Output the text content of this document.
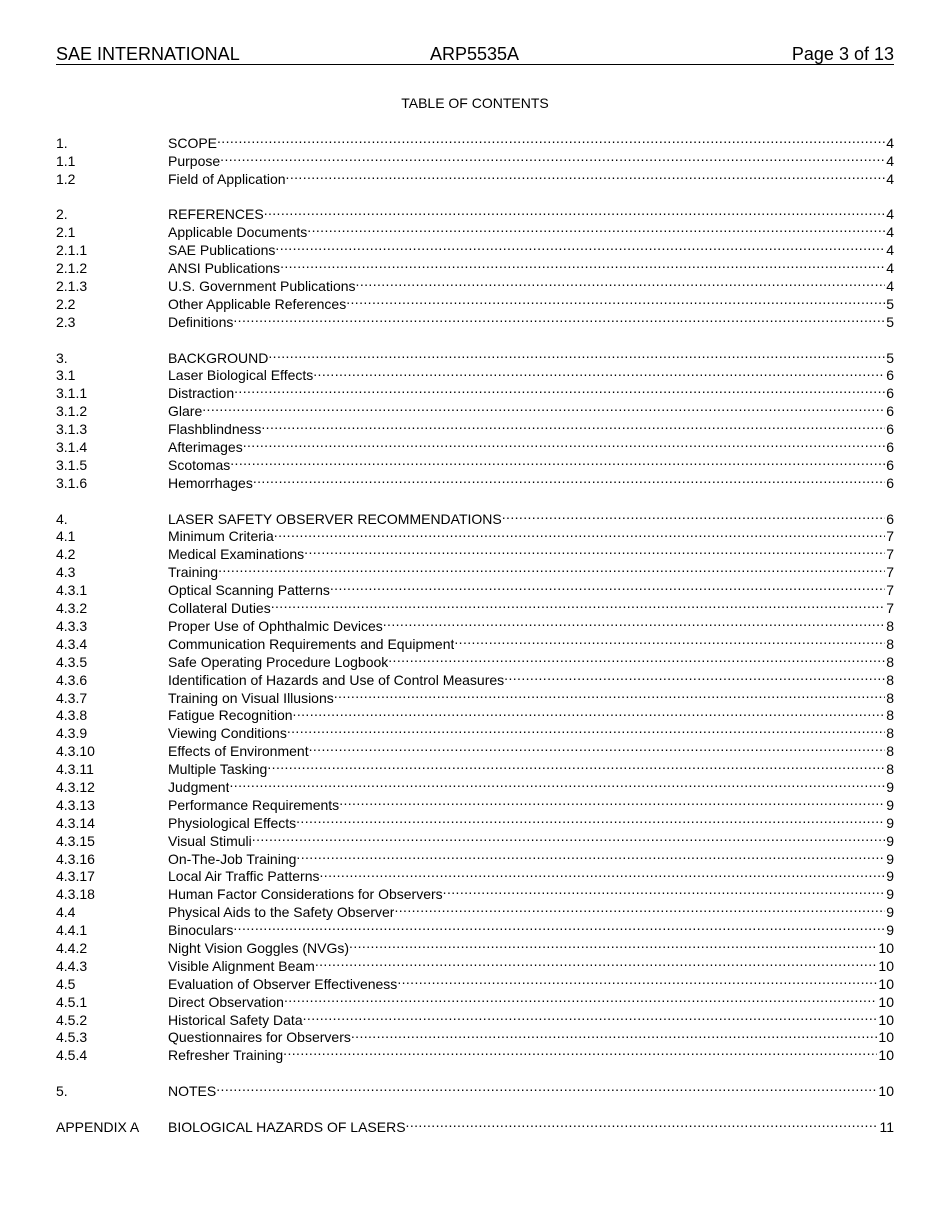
SAE INTERNATIONAL	ARP5535A	Page 3 of 13
TABLE OF CONTENTS
1.	SCOPE .....	4
1.1	Purpose .....	4
1.2	Field of Application .....	4
2.	REFERENCES .....	4
2.1	Applicable Documents .....	4
2.1.1	SAE Publications .....	4
2.1.2	ANSI Publications .....	4
2.1.3	U.S. Government Publications .....	4
2.2	Other Applicable References .....	5
2.3	Definitions .....	5
3.	BACKGROUND .....	5
3.1	Laser Biological Effects .....	6
3.1.1	Distraction .....	6
3.1.2	Glare .....	6
3.1.3	Flashblindness .....	6
3.1.4	Afterimages .....	6
3.1.5	Scotomas .....	6
3.1.6	Hemorrhages .....	6
4.	LASER SAFETY OBSERVER RECOMMENDATIONS .....	6
4.1	Minimum Criteria .....	7
4.2	Medical Examinations .....	7
4.3	Training .....	7
4.3.1	Optical Scanning Patterns .....	7
4.3.2	Collateral Duties .....	7
4.3.3	Proper Use of Ophthalmic Devices .....	8
4.3.4	Communication Requirements and Equipment .....	8
4.3.5	Safe Operating Procedure Logbook .....	8
4.3.6	Identification of Hazards and Use of Control Measures .....	8
4.3.7	Training on Visual Illusions .....	8
4.3.8	Fatigue Recognition .....	8
4.3.9	Viewing Conditions .....	8
4.3.10	Effects of Environment .....	8
4.3.11	Multiple Tasking .....	8
4.3.12	Judgment .....	9
4.3.13	Performance Requirements .....	9
4.3.14	Physiological Effects .....	9
4.3.15	Visual Stimuli .....	9
4.3.16	On-The-Job Training .....	9
4.3.17	Local Air Traffic Patterns .....	9
4.3.18	Human Factor Considerations for Observers .....	9
4.4	Physical Aids to the Safety Observer .....	9
4.4.1	Binoculars .....	9
4.4.2	Night Vision Goggles (NVGs) .....	10
4.4.3	Visible Alignment Beam .....	10
4.5	Evaluation of Observer Effectiveness .....	10
4.5.1	Direct Observation .....	10
4.5.2	Historical Safety Data .....	10
4.5.3	Questionnaires for Observers .....	10
4.5.4	Refresher Training .....	10
5.	NOTES .....	10
APPENDIX A	BIOLOGICAL HAZARDS OF LASERS .....	11
